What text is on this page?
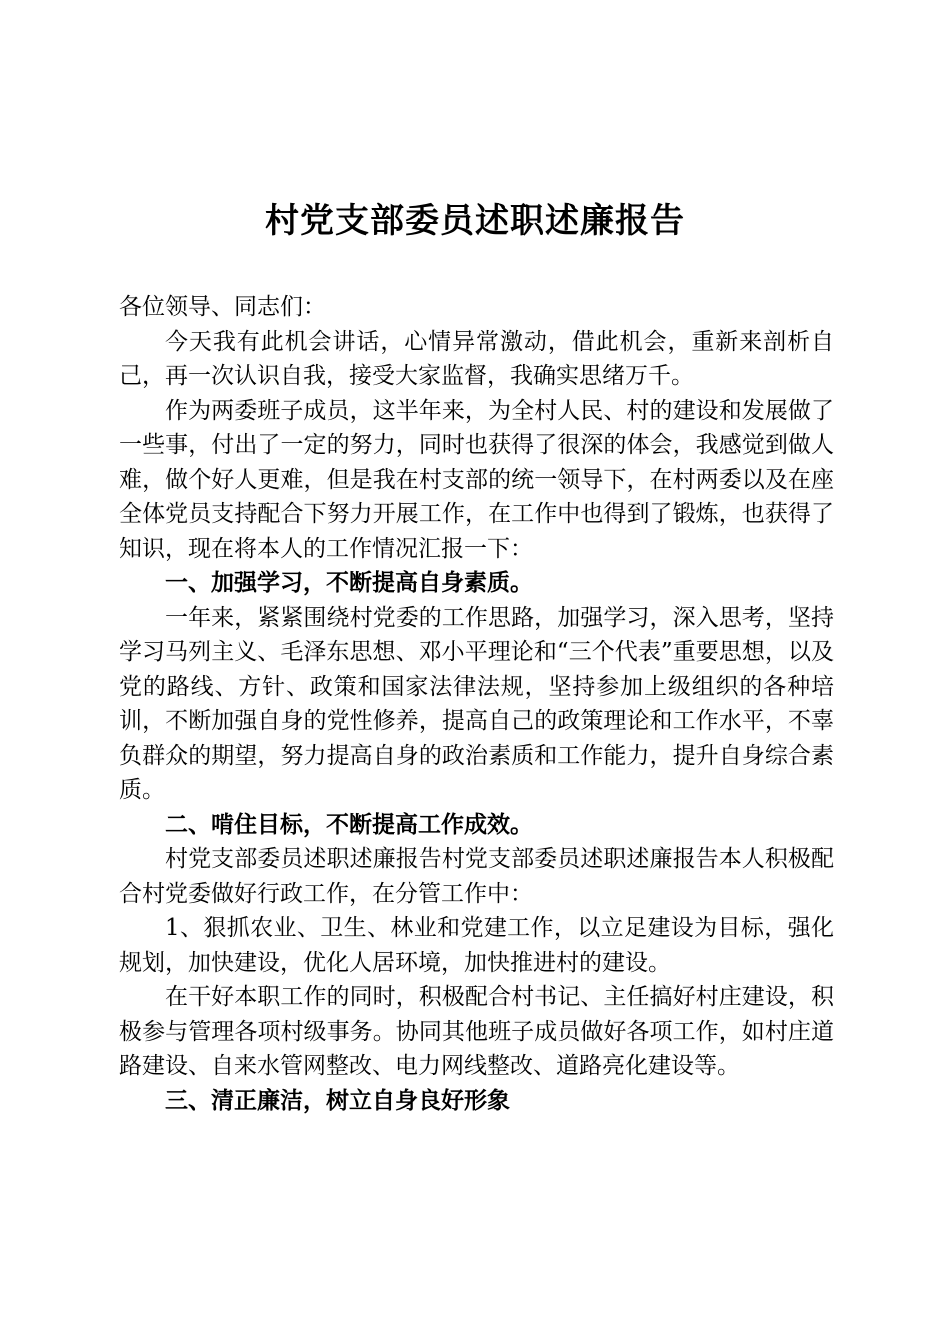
村党支部委员述职述廉报告

各位领导、同志们：

今天我有此机会讲话，心情异常激动，借此机会，重新来剖析自己，再一次认识自我，接受大家监督，我确实思绪万千。

作为两委班子成员，这半年来，为全村人民、村的建设和发展做了一些事，付出了一定的努力，同时也获得了很深的体会，我感觉到做人难，做个好人更难，但是我在村支部的统一领导下，在村两委以及在座全体党员支持配合下努力开展工作，在工作中也得到了锻炼，也获得了知识，现在将本人的工作情况汇报一下：

一、加强学习，不断提高自身素质。

一年来，紧紧围绕村党委的工作思路，加强学习，深入思考，坚持学习马列主义、毛泽东思想、邓小平理论和“三个代表”重要思想，以及党的路线、方针、政策和国家法律法规，坚持参加上级组织的各种培训，不断加强自身的党性修养，提高自己的政策理论和工作水平，不辜负群众的期望，努力提高自身的政治素质和工作能力，提升自身综合素质。

二、啃住目标，不断提高工作成效。

村党支部委员述职述廉报告村党支部委员述职述廉报告本人积极配合村党委做好行政工作，在分管工作中：

1、狠抓农业、卫生、林业和党建工作，以立足建设为目标，强化规划，加快建设，优化人居环境，加快推进村的建设。

在干好本职工作的同时，积极配合村书记、主任搞好村庄建设，积极参与管理各项村级事务。协同其他班子成员做好各项工作，如村庄道路建设、自来水管网整改、电力网线整改、道路亮化建设等。

三、清正廉洁，树立自身良好形象
